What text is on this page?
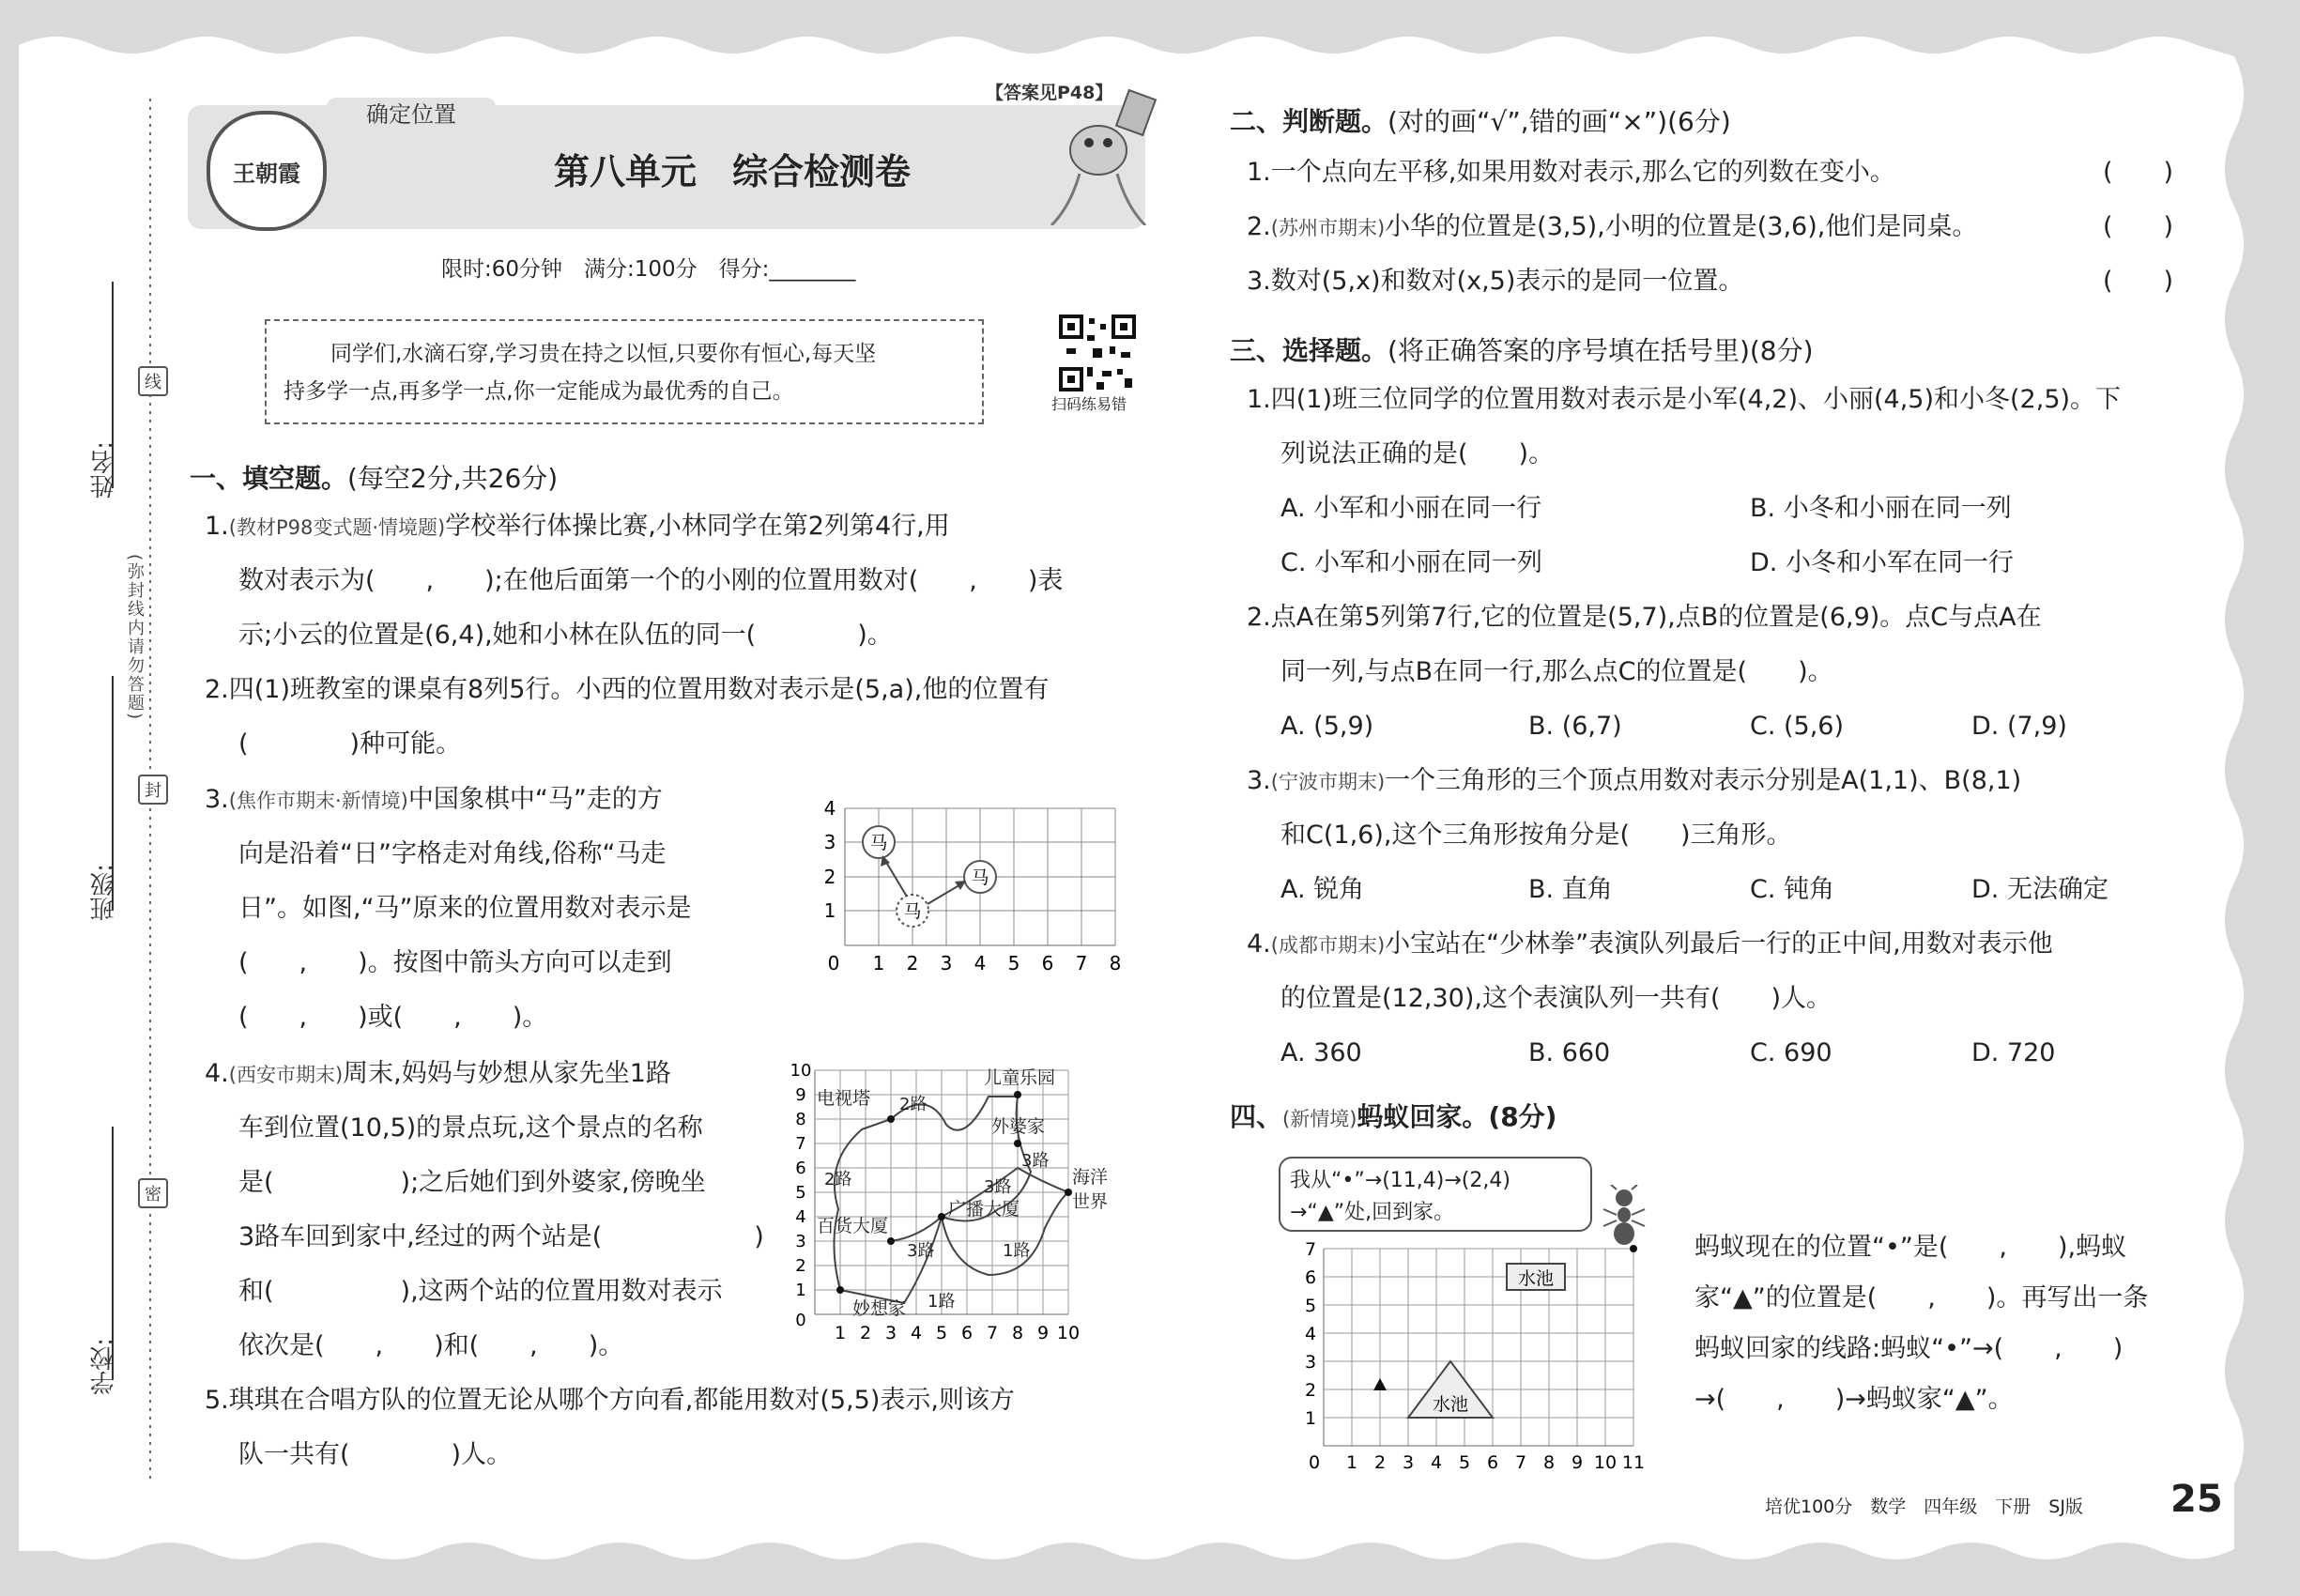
姓名:
班级:
学校:
线
封
密
(弥封线内请勿答题)
王朝霞
确定位置
【答案见P48】
第八单元　综合检测卷
限时:60分钟　满分:100分　得分:________
同学们,水滴石穿,学习贵在持之以恒,只要你有恒心,每天坚
持多学一点,再多学一点,你一定能成为最优秀的自己。
扫码练易错
一、填空题。(每空2分,共26分)
1.(教材P98变式题·情境题)学校举行体操比赛,小林同学在第2列第4行,用
数对表示为(　　,　　);在他后面第一个的小刚的位置用数对(　　,　　)表
示;小云的位置是(6,4),她和小林在队伍的同一(　　　　)。
2.四(1)班教室的课桌有8列5行。小西的位置用数对表示是(5,a),他的位置有
(　　　　)种可能。
3.(焦作市期末·新情境)中国象棋中“马”走的方
向是沿着“日”字格走对角线,俗称“马走
日”。如图,“马”原来的位置用数对表示是
(　　,　　)。按图中箭头方向可以走到
(　　,　　)或(　　,　　)。
0 1 2 3 4 5 6 7 8
1
2
3
4
马
马
马
4.(西安市期末)周末,妈妈与妙想从家先坐1路
车到位置(10,5)的景点玩,这个景点的名称
是(　　　　　);之后她们到外婆家,傍晚坐
3路车回到家中,经过的两个站是(　　　　　　)
和(　　　　　),这两个站的位置用数对表示
依次是(　　,　　)和(　　,　　)。	1 2 3 4 5 6 7 8 9 10
0
1
2
3
4
5
6
7
8
9
10
电视塔 2路
儿童乐园
外婆家
3路
2路	3路
广播大厦
百货大厦
3路	1路
海洋
世界
妙想家 1路
5.琪琪在合唱方队的位置无论从哪个方向看,都能用数对(5,5)表示,则该方
队一共有(　　　　)人。
二、判断题。(对的画“√”,错的画“×”)(6分)
1.一个点向左平移,如果用数对表示,那么它的列数在变小。	(　　)
2.(苏州市期末)小华的位置是(3,5),小明的位置是(3,6),他们是同桌。	(　　)
3.数对(5,x)和数对(x,5)表示的是同一位置。	(　　)
三、选择题。(将正确答案的序号填在括号里)(8分)
1.四(1)班三位同学的位置用数对表示是小军(4,2)、小丽(4,5)和小冬(2,5)。下
列说法正确的是(　　)。
A. 小军和小丽在同一行	B. 小冬和小丽在同一列
C. 小军和小丽在同一列	D. 小冬和小军在同一行
2.点A在第5列第7行,它的位置是(5,7),点B的位置是(6,9)。点C与点A在
同一列,与点B在同一行,那么点C的位置是(　　)。
A. (5,9)	B. (6,7)	C. (5,6)	D. (7,9)
3.(宁波市期末)一个三角形的三个顶点用数对表示分别是A(1,1)、B(8,1)
和C(1,6),这个三角形按角分是(　　)三角形。
A. 锐角	B. 直角	C. 钝角	D. 无法确定
4.(成都市期末)小宝站在“少林拳”表演队列最后一行的正中间,用数对表示他
的位置是(12,30),这个表演队列一共有(　　)人。
A. 360	B. 660	C. 690	D. 720
四、(新情境)蚂蚁回家。(8分)
我从“•”→(11,4)→(2,4)
→“▲”处,回到家。
0 1 2 3 4 5 6 7 8 9 10 11
1
2
3
4
5
6
7
水池
水池
蚂蚁现在的位置“•”是(　　,　　),蚂蚁
家“▲”的位置是(　　,　　)。再写出一条
蚂蚁回家的线路:蚂蚁“•”→(　　,　　)
→(　　,　　)→蚂蚁家“▲”。
培优100分　数学　四年级　下册　SJ版 25
